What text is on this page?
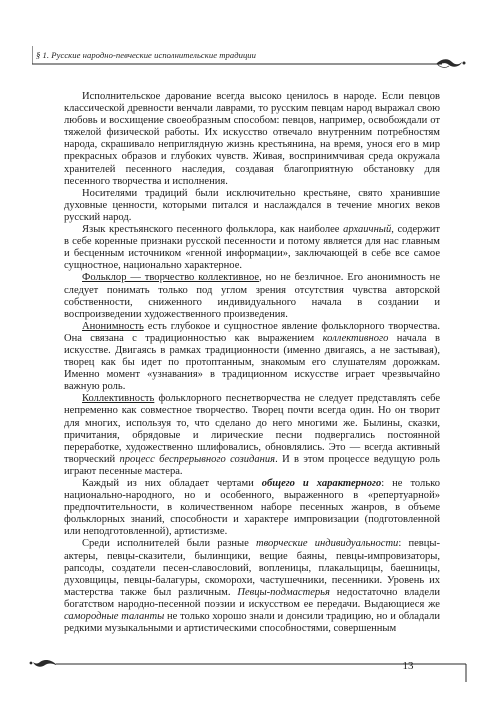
§ 1. Русские народно-певческие исполнительские традиции

Исполнительское дарование всегда высоко ценилось в народе. Если певцов классической древности венчали лаврами, то русским певцам народ выражал свою любовь и восхищение своеобразным способом: певцов, например, освобождали от тяжелой физической работы. Их искусство отвечало внутренним потребностям народа, скрашивало неприглядную жизнь крестьянина, на время, унося его в мир прекрасных образов и глубоких чувств. Живая, воспринимчивая среда окружала хранителей песенного наследия, создавая благоприятную обстановку для песенного творчества и исполнения.

Носителями традиций были исключительно крестьяне, свято хранившие духовные ценности, которыми питался и наслаждался в течение многих веков русский народ.

Язык крестьянского песенного фольклора, как наиболее архаичный, содержит в себе коренные признаки русской песенности и потому является для нас главным и бесценным источником «генной информации», заключающей в себе все самое сущностное, национально характерное.

Фольклор — творчество коллективное, но не безличное. Его анонимность не следует понимать только под углом зрения отсутствия чувства авторской собственности, сниженного индивидуального начала в создании и воспроизведении художественного произведения.

Анонимность есть глубокое и сущностное явление фольклорного творчества. Она связана с традиционностью как выражением коллективного начала в искусстве. Двигаясь в рамках традиционности (именно двигаясь, а не застывая), творец как бы идет по протоптанным, знакомым его слушателям дорожкам. Именно момент «узнавания» в традиционном искусстве играет чрезвычайно важную роль.

Коллективность фольклорного песнетворчества не следует представлять себе непременно как совместное творчество. Творец почти всегда один. Но он творит для многих, используя то, что сделано до него многими же. Былины, сказки, причитания, обрядовые и лирические песни подвергались постоянной переработке, художественно шлифовались, обновлялись. Это — всегда активный творческий процесс беспрерывного созидания. И в этом процессе ведущую роль играют песенные мастера.

Каждый из них обладает чертами общего и характерного: не только национально-народного, но и особенного, выраженного в «репертуарной» предпочтительности, в количественном наборе песенных жанров, в объеме фольклорных знаний, способности и характере импровизации (подготовленной или неподготовленной), артистизме.

Среди исполнителей были разные творческие индивидуальности: певцы-актеры, певцы-сказители, былинщики, вещие баяны, певцы-импровизаторы, рапсоды, создатели песен-славословий, вопленицы, плакальщицы, баешницы, духовщицы, певцы-балагуры, скоморохи, частушечники, песенники. Уровень их мастерства также был различным. Певцы-подмастерья недостаточно владели богатством народно-песенной поэзии и искусством ее передачи. Выдающиеся же самородные таланты не только хорошо знали и донсили традицию, но и обладали редкими музыкальными и артистическими способностями, совершенным

13
